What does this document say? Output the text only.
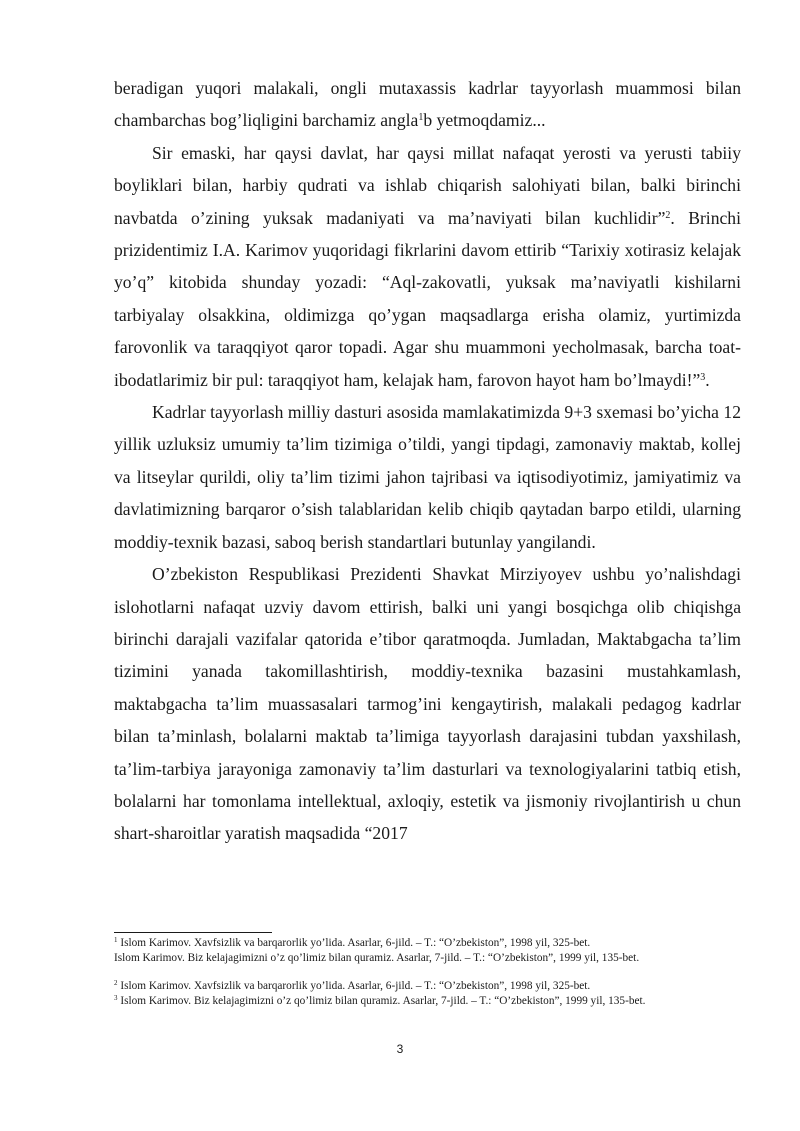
beradigan yuqori malakali, ongli mutaxassis kadrlar tayyorlash muammosi bilan chambarchas bog’liqligini barchamiz angla$^1$b yetmoqdamiz...

Sir emaski, har qaysi davlat, har qaysi millat nafaqat yerosti va yerusti tabiiy boyliklari bilan, harbiy qudrati va ishlab chiqarish salohiyati bilan, balki birinchi navbatda o’zining yuksak madaniyati va ma’naviyati bilan kuchlidir”$^2$. Brinchi prizidentimiz I.A. Karimov yuqoridagi fikrlarini davom ettirib “Tarixiy xotirasiz kelajak yo’q” kitobida shunday yozadi: “Aql-zakovatli, yuksak ma’naviyatli kishilarni tarbiyalay olsakkina, oldimizga qo’ygan maqsadlarga erisha olamiz, yurtimizda farovonlik va taraqqiyot qaror topadi. Agar shu muammoni yecholmasak, barcha toat-ibodatlarimiz bir pul: taraqqiyot ham, kelajak ham, farovon hayot ham bo’lmaydi!”$^3$.

Kadrlar tayyorlash milliy dasturi asosida mamlakatimizda 9+3 sxemasi bo’yicha 12 yillik uzluksiz umumiy ta’lim tizimiga o’tildi, yangi tipdagi, zamonaviy maktab, kollej va litseylar qurildi, oliy ta’lim tizimi jahon tajribasi va iqtisodiyotimiz, jamiyatimiz va davlatimizning barqaror o’sish talablaridan kelib chiqib qaytadan barpo etildi, ularning moddiy-texnik bazasi, saboq berish standartlari butunlay yangilandi.

O’zbekiston Respublikasi Prezidenti Shavkat Mirziyoyev ushbu yo’nalishdagi islohotlarni nafaqat uzviy davom ettirish, balki uni yangi bosqichga olib chiqishga birinchi darajali vazifalar qatorida e’tibor qaratmoqda. Jumladan, Maktabgacha ta’lim tizimini yanada takomillashtirish, moddiy-texnika bazasini mustahkamlash, maktabgacha ta’lim muassasalari tarmog’ini kengaytirish, malakali pedagog kadrlar bilan ta’minlash, bolalarni maktab ta’limiga tayyorlash darajasini tubdan yaxshilash, ta’lim-tarbiya jarayoniga zamonaviy ta’lim dasturlari va texnologiyalarini tatbiq etish, bolalarni har tomonlama intellektual, axloqiy, estetik va jismoniy rivojlantirish u chun shart-sharoitlar yaratish maqsadida “2017

$^1$ Islom Karimov. Xavfsizlik va barqarorlik yo’lida. Asarlar, 6-jild. – T.: “O’zbekiston”, 1998 yil, 325-bet.

Islom Karimov. Biz kelajagimizni o’z qo’limiz bilan quramiz. Asarlar, 7-jild. – T.: “O’zbekiston”, 1999 yil, 135-bet.

$^2$ Islom Karimov. Xavfsizlik va barqarorlik yo’lida. Asarlar, 6-jild. – T.: “O’zbekiston”, 1998 yil, 325-bet.

$^3$ Islom Karimov. Biz kelajagimizni o’z qo’limiz bilan quramiz. Asarlar, 7-jild. – T.: “O’zbekiston”, 1999 yil, 135-bet.

3
